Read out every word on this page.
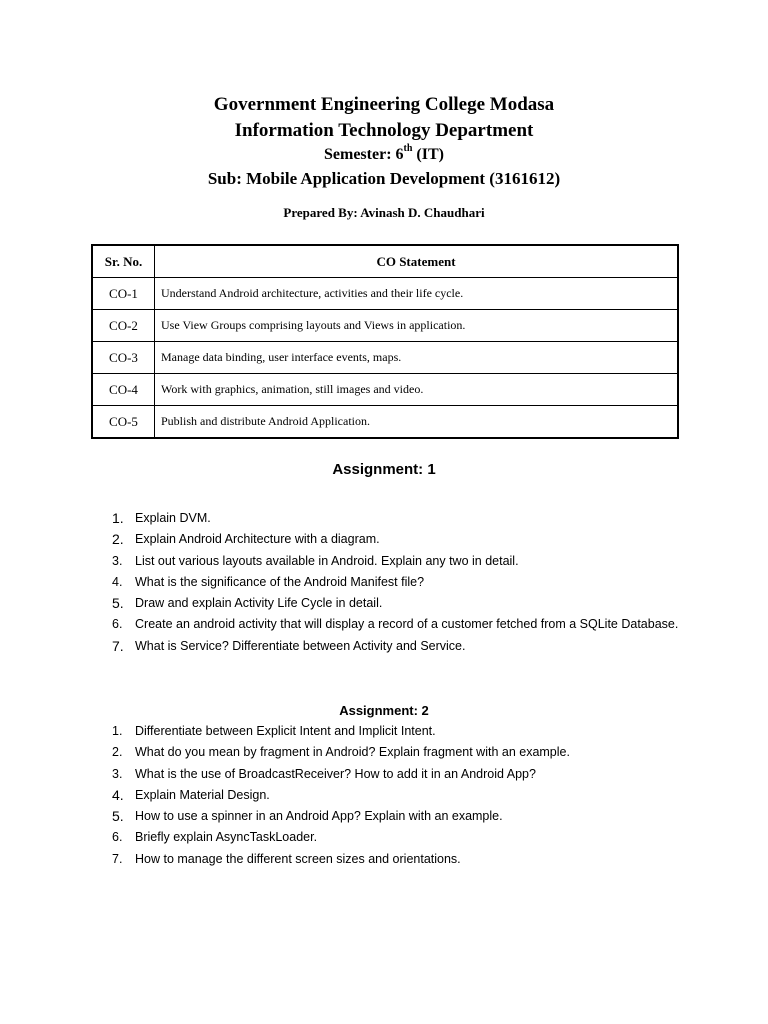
Government Engineering College Modasa
Information Technology Department
Semester: 6th (IT)
Sub: Mobile Application Development (3161612)
Prepared By: Avinash D. Chaudhari
Sr. No.	CO Statement
CO-1	Understand Android architecture, activities and their life cycle.
CO-2	Use View Groups comprising layouts and Views in application.
CO-3	Manage data binding, user interface events, maps.
CO-4	Work with graphics, animation, still images and video.
CO-5	Publish and distribute Android Application.
Assignment: 1
1. Explain DVM.
2. Explain Android Architecture with a diagram.
3.	List out various layouts available in Android. Explain any two in detail.
4.	What is the significance of the Android Manifest file?
5. Draw and explain Activity Life Cycle in detail.
6.	Create an android activity that will display a record of a customer fetched from a SQLite Database.
7. What is Service? Differentiate between Activity and Service.
Assignment: 2
1.	Differentiate between Explicit Intent and Implicit Intent.
2.	What do you mean by fragment in Android? Explain fragment with an example.
3.	What is the use of BroadcastReceiver? How to add it in an Android App?
4. Explain Material Design.
5. How to use a spinner in an Android App? Explain with an example.
6.	Briefly explain AsyncTaskLoader.
7.	How to manage the different screen sizes and orientations.
